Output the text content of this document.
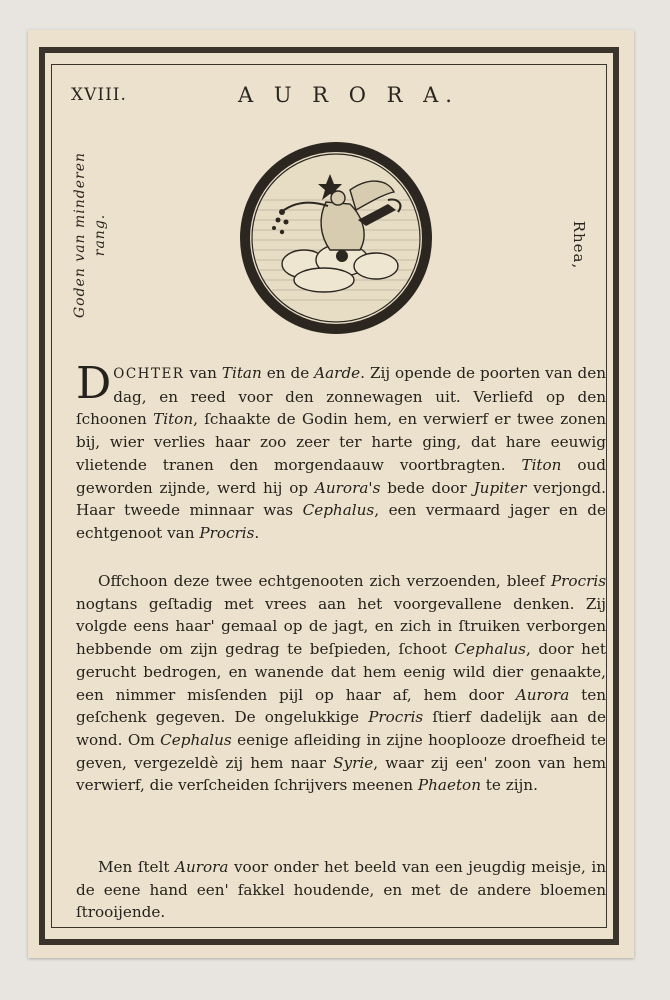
XVIII.	A U R O R A.
Goden van minderen rang.	Rhea,

DOCHTER van Titan en de Aarde. Zij opende de poorten van den dag, en reed voor den zonnewagen uit. Verliefd op den ſchoonen Titon, ſchaakte de Godin hem, en verwierf er twee zonen bij, wier verlies haar zoo zeer ter harte ging, dat hare eeuwig vlietende tranen den morgendaauw voortbragten. Titon oud geworden zijnde, werd hij op Aurora's bede door Jupiter verjongd. Haar tweede minnaar was Cephalus, een vermaard jager en de echtgenoot van Procris.

Offchoon deze twee echtgenooten zich verzoenden, bleef Procris nogtans geſtadig met vrees aan het voorgevallene denken. Zij volgde eens haar' gemaal op de jagt, en zich in ſtruiken verborgen hebbende om zijn gedrag te beſpieden, ſchoot Cephalus, door het gerucht bedrogen, en wanende dat hem eenig wild dier genaakte, een nimmer misſenden pijl op haar af, hem door Aurora ten geſchenk gegeven. De ongelukkige Procris ſtierf dadelijk aan de wond. Om Cephalus eenige afleiding in zijne hooplooze droefheid te geven, vergezeldè zij hem naar Syrie, waar zij een' zoon van hem verwierf, die verſcheiden ſchrijvers meenen Phaeton te zijn.

Men ſtelt Aurora voor onder het beeld van een jeugdig meisje, in de eene hand een' fakkel houdende, en met de andere bloemen ſtrooijende.
